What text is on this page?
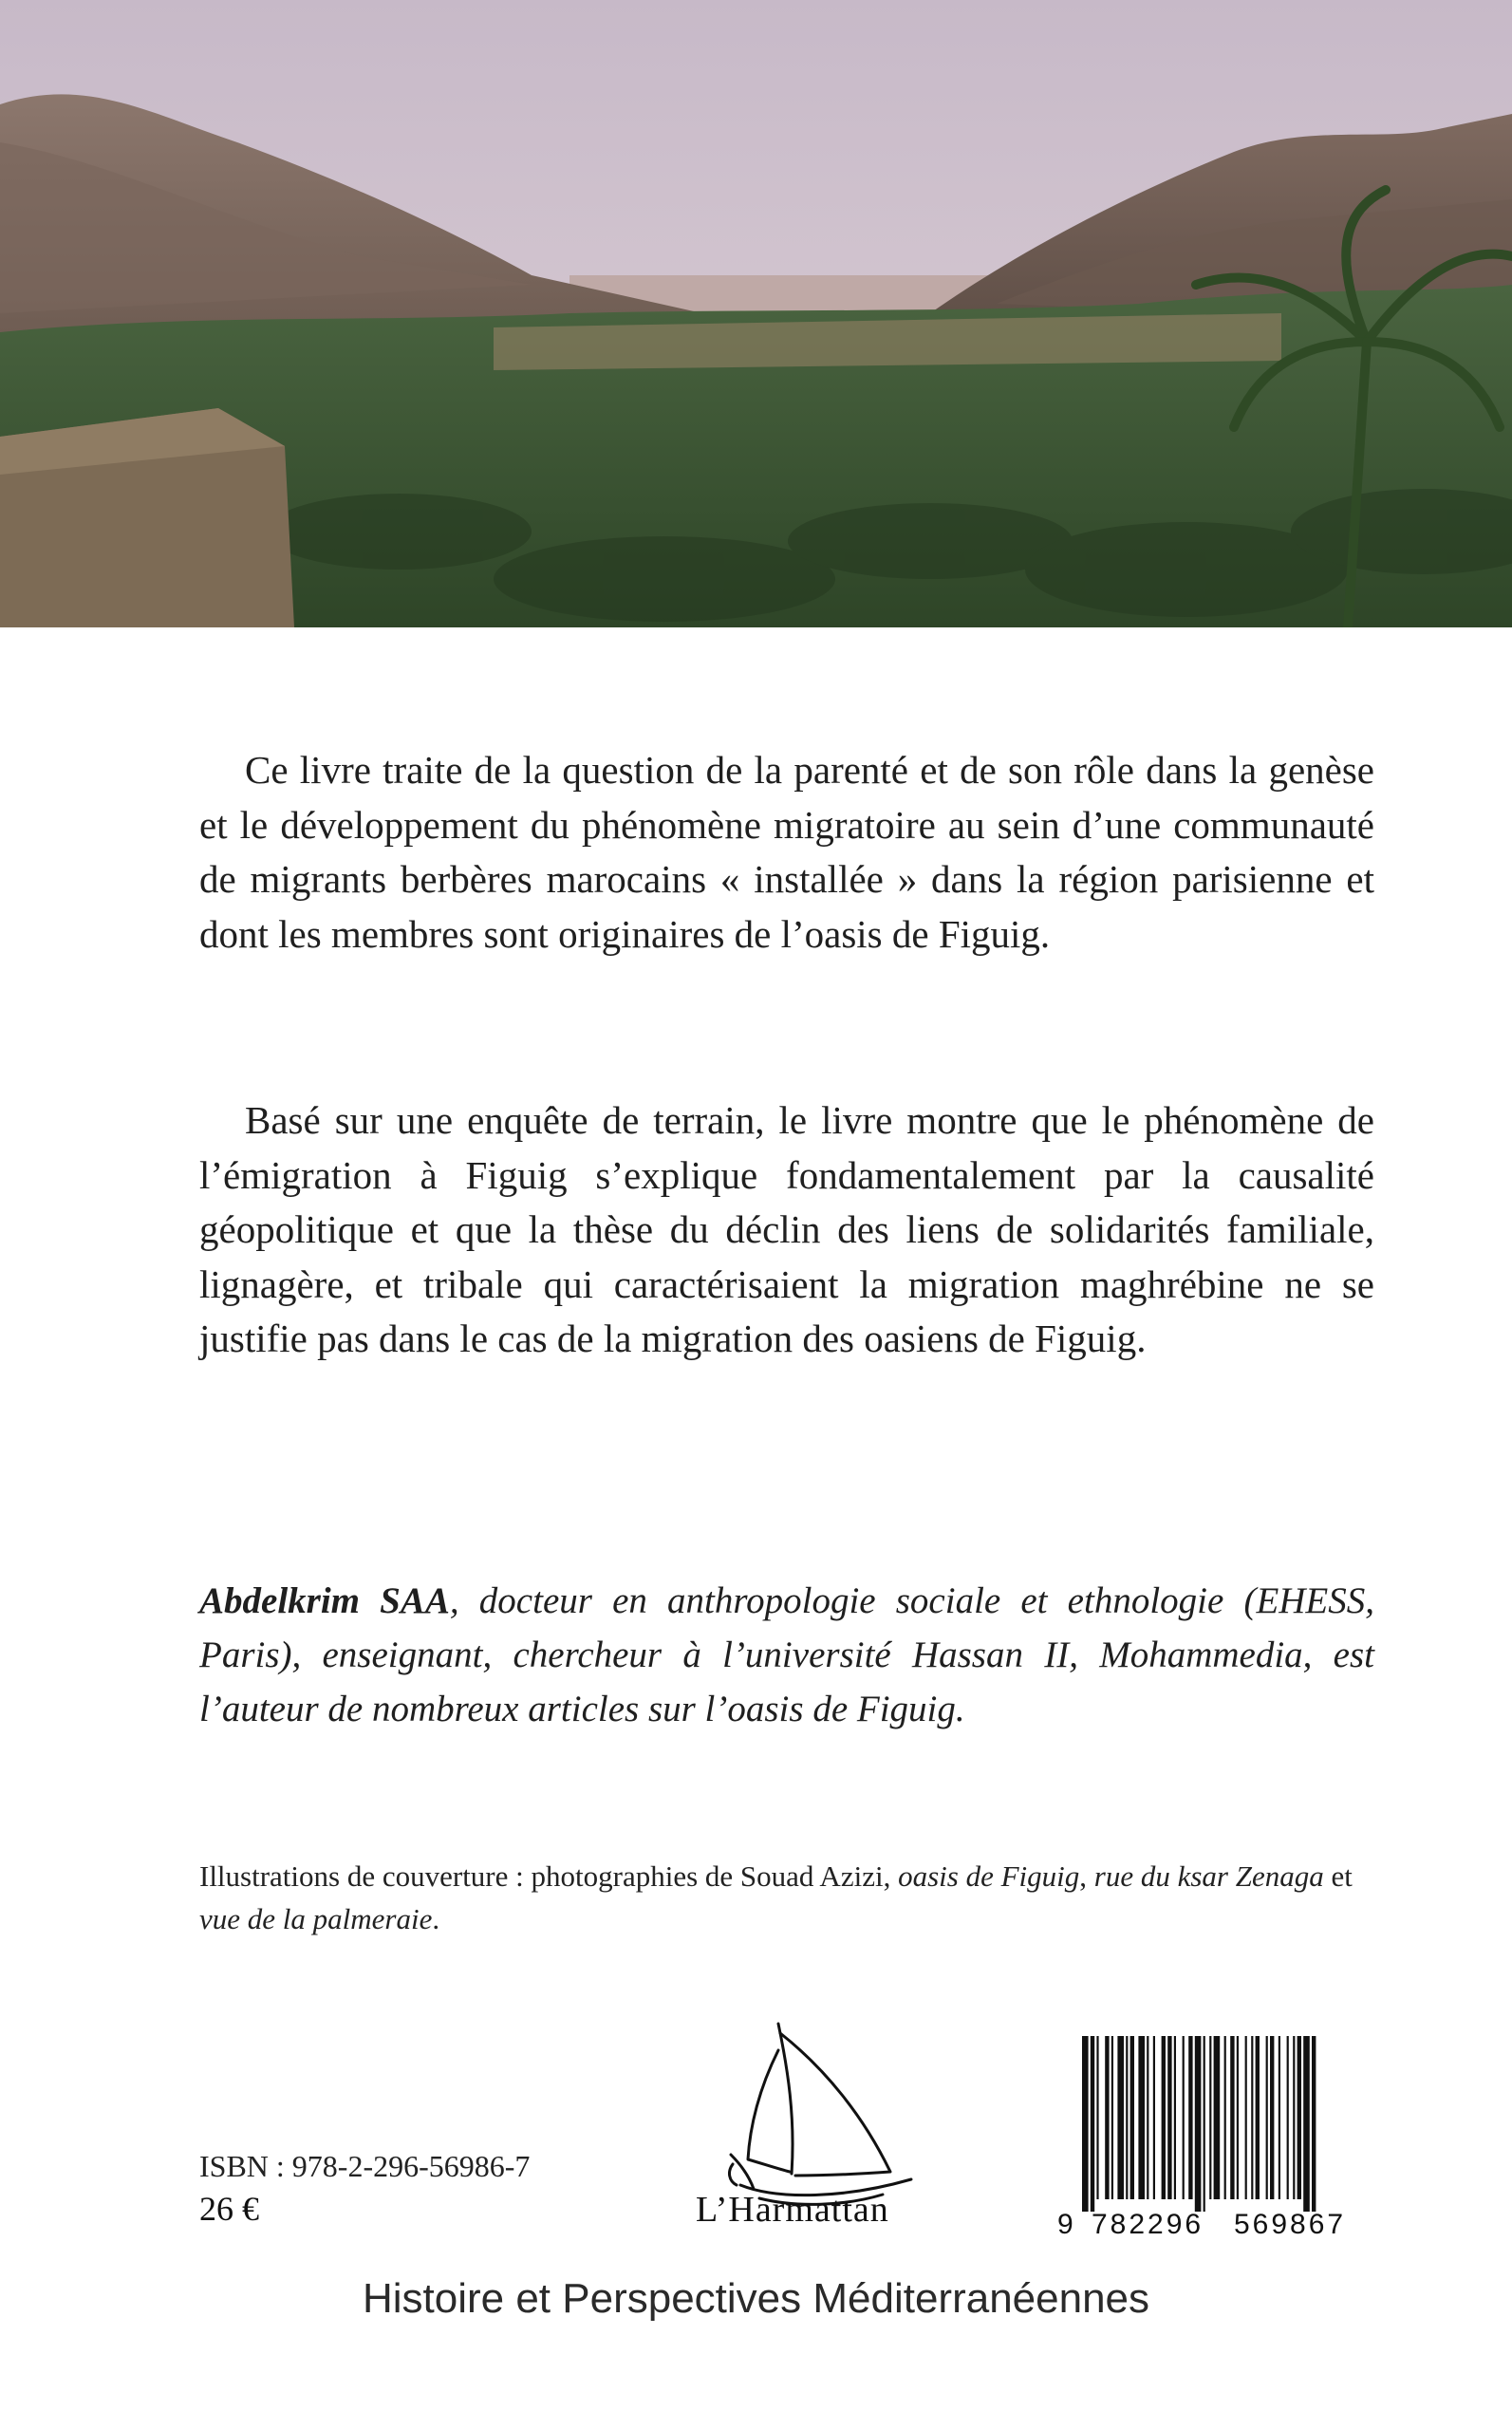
Ce livre traite de la question de la parenté et de son rôle dans la genèse et le développement du phénomène migratoire au sein d’une communauté de migrants berbères marocains « installée » dans la région parisienne et dont les membres sont originaires de l’oasis de Figuig.

Basé sur une enquête de terrain, le livre montre que le phénomène de l’émigration à Figuig s’explique fondamentalement par la causalité géopolitique et que la thèse du déclin des liens de solidarités familiale, lignagère, et tribale qui caractérisaient la migration maghrébine ne se justifie pas dans le cas de la migration des oasiens de Figuig.

Abdelkrim SAA, docteur en anthropologie sociale et ethnologie (EHESS, Paris), enseignant, chercheur à l’université Hassan II, Mohammedia, est l’auteur de nombreux articles sur l’oasis de Figuig.

Illustrations de couverture : photographies de Souad Azizi, oasis de Figuig, rue du ksar Zenaga et vue de la palmeraie.

ISBN : 978-2-296-56986-7
26 €	L’Harmattan	9 782296 569867
Histoire et Perspectives Méditerranéennes
